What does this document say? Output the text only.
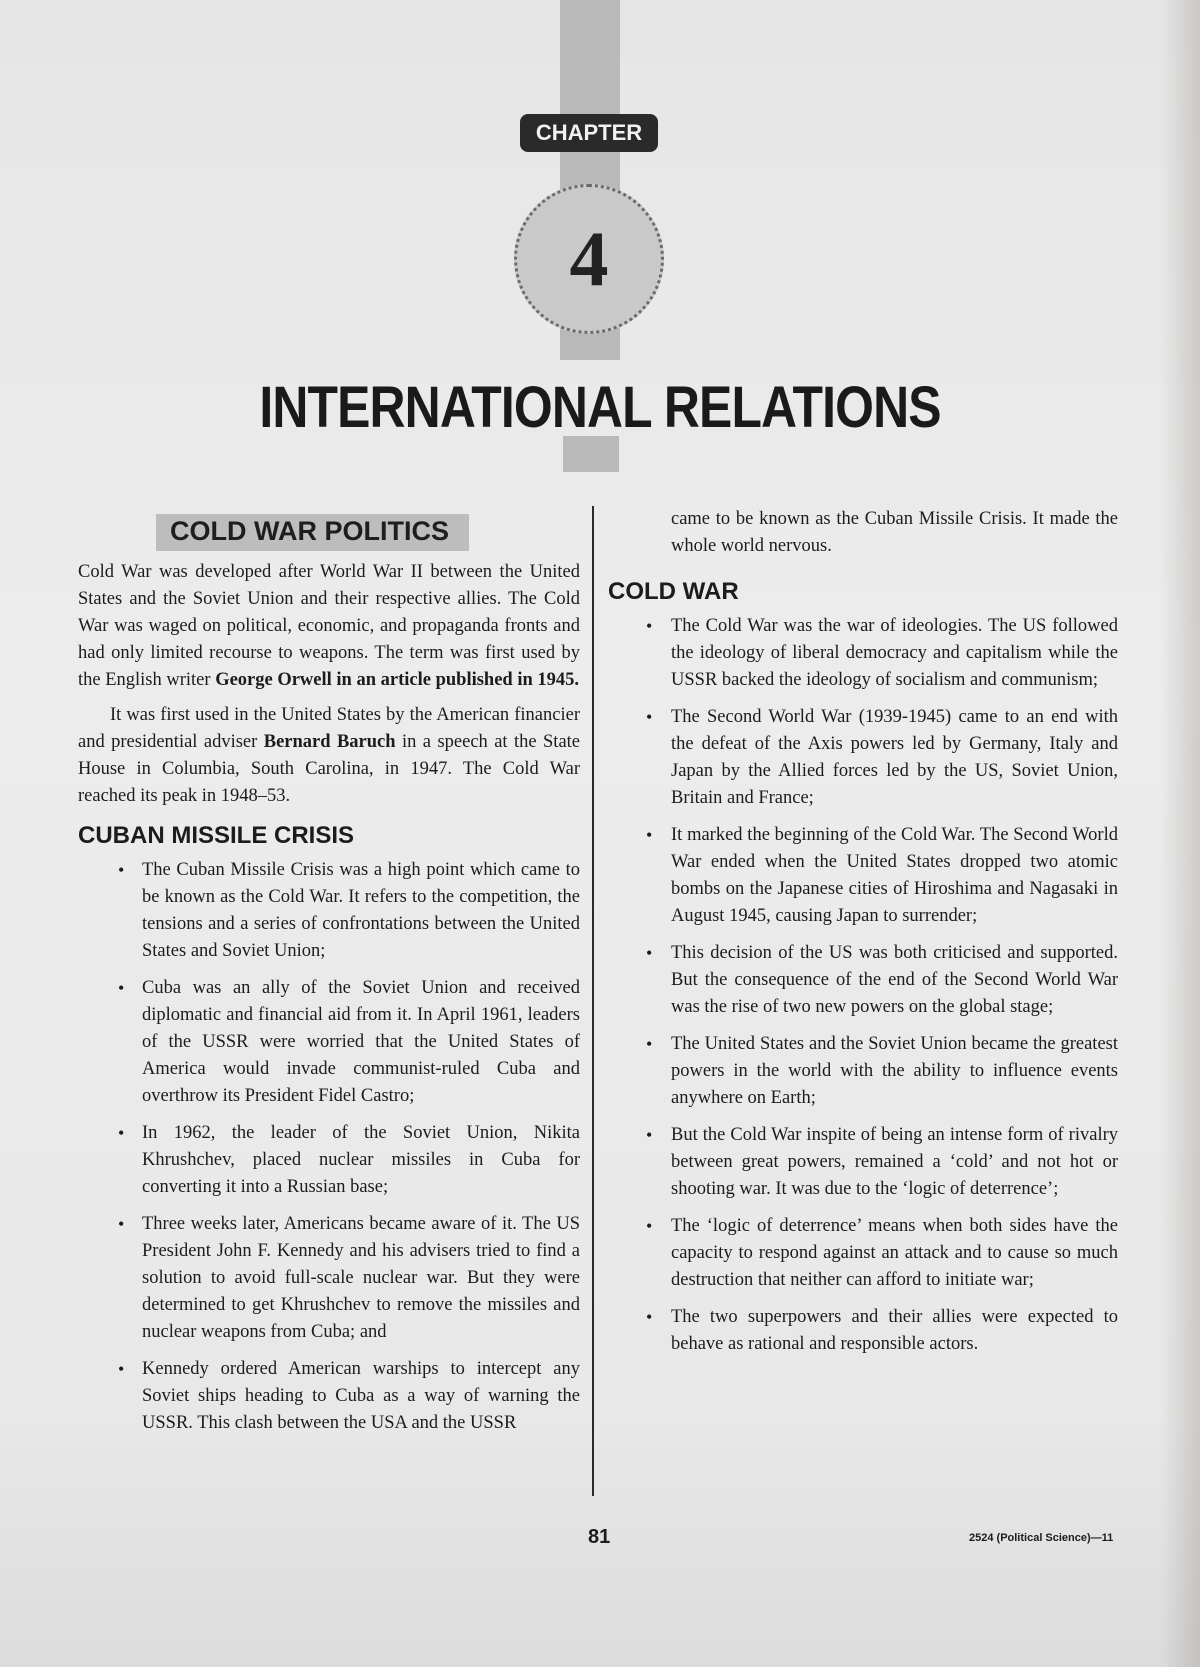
CHAPTER
4
INTERNATIONAL RELATIONS
COLD WAR POLITICS

Cold War was developed after World War II between the United States and the Soviet Union and their respective allies. The Cold War was waged on political, economic, and propaganda fronts and had only limited recourse to weapons. The term was first used by the English writer George Orwell in an article published in 1945.

It was first used in the United States by the American financier and presidential adviser Bernard Baruch in a speech at the State House in Columbia, South Carolina, in 1947. The Cold War reached its peak in 1948–53.

CUBAN MISSILE CRISIS
• The Cuban Missile Crisis was a high point which came to be known as the Cold War. It refers to the competition, the tensions and a series of confrontations between the United States and Soviet Union;
• Cuba was an ally of the Soviet Union and received diplomatic and financial aid from it. In April 1961, leaders of the USSR were worried that the United States of America would invade communist-ruled Cuba and overthrow its President Fidel Castro;
• In 1962, the leader of the Soviet Union, Nikita Khrushchev, placed nuclear missiles in Cuba for converting it into a Russian base;
• Three weeks later, Americans became aware of it. The US President John F. Kennedy and his advisers tried to find a solution to avoid full-scale nuclear war. But they were determined to get Khrushchev to remove the missiles and nuclear weapons from Cuba; and
• Kennedy ordered American warships to intercept any Soviet ships heading to Cuba as a way of warning the USSR. This clash between the USA and the USSR

came to be known as the Cuban Missile Crisis. It made the whole world nervous.

COLD WAR
• The Cold War was the war of ideologies. The US followed the ideology of liberal democracy and capitalism while the USSR backed the ideology of socialism and communism;
• The Second World War (1939-1945) came to an end with the defeat of the Axis powers led by Germany, Italy and Japan by the Allied forces led by the US, Soviet Union, Britain and France;
• It marked the beginning of the Cold War. The Second World War ended when the United States dropped two atomic bombs on the Japanese cities of Hiroshima and Nagasaki in August 1945, causing Japan to surrender;
• This decision of the US was both criticised and supported. But the consequence of the end of the Second World War was the rise of two new powers on the global stage;
• The United States and the Soviet Union became the greatest powers in the world with the ability to influence events anywhere on Earth;
• But the Cold War inspite of being an intense form of rivalry between great powers, remained a ‘cold’ and not hot or shooting war. It was due to the ‘logic of deterrence’;
• The ‘logic of deterrence’ means when both sides have the capacity to respond against an attack and to cause so much destruction that neither can afford to initiate war;
• The two superpowers and their allies were expected to behave as rational and responsible actors.
81	2524 (Political Science)—11
